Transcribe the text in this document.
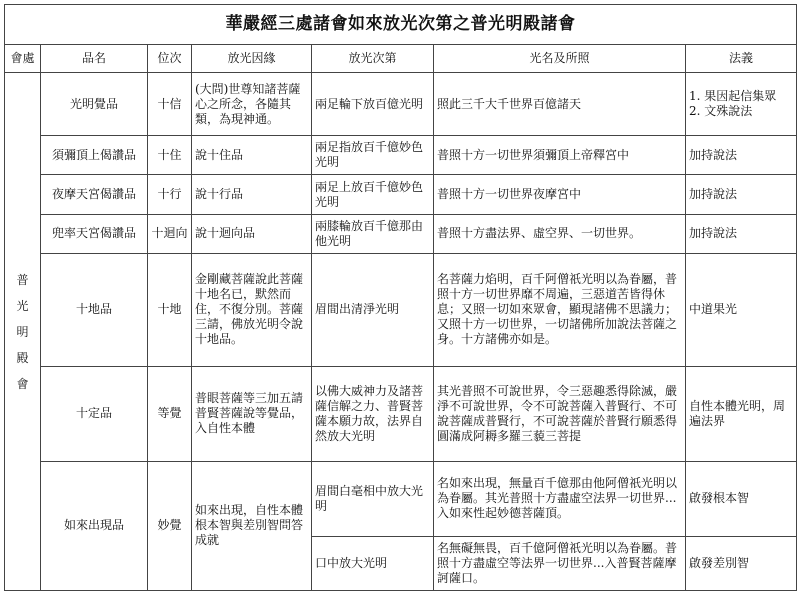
華嚴經三處諸會如來放光次第之普光明殿諸會						
會處	品名	位次	放光因緣	放光次第	光名及所照	法義

普
光
明
殿
會	光明覺品	十信	(大問)世尊知諸菩薩心之所念，各隨其類，為現神通。	兩足輪下放百億光明	照此三千大千世界百億諸天	1. 果因起信集眾
2. 文殊說法

	須彌頂上偈讚品	十住	說十住品	兩足指放百千億妙色光明	普照十方一切世界須彌頂上帝釋宮中	加持說法

	夜摩天宮偈讚品	十行	說十行品	兩足上放百千億妙色光明	普照十方一切世界夜摩宮中	加持說法

	兜率天宮偈讚品	十迴向	說十迴向品	兩膝輪放百千億那由他光明	普照十方盡法界、虛空界、一切世界。	加持說法

	十地品	十地	金剛藏菩薩說此菩薩十地名已，默然而住，不復分別。菩薩三請，佛放光明令說十地品。	眉間出清淨光明	名菩薩力焰明，百千阿僧祇光明以為眷屬，普照十方一切世界靡不周遍，三惡道苦皆得休息；又照一切如來眾會，顯現諸佛不思議力；又照十方一切世界，一切諸佛所加說法菩薩之身。十方諸佛亦如是。	中道果光

	十定品	等覺	普眼菩薩等三加五請普賢菩薩說等覺品，入自性本體	以佛大威神力及諸菩薩信解之力、普賢菩薩本願力故，法界自然放大光明	其光普照不可說世界，令三惡趣悉得除滅，嚴淨不可說世界，令不可說菩薩入普賢行、不可說菩薩成普賢行，不可說菩薩於普賢行願悉得圓滿成阿耨多羅三藐三菩提	自性本體光明，周遍法界

	如來出現品	妙覺	如來出現，自性本體根本智與差別智問答成就	眉間白毫相中放大光明	名如來出現，無量百千億那由他阿僧祇光明以為眷屬。其光普照十方盡虛空法界一切世界...入如來性起妙德菩薩頂。	啟發根本智

				口中放大光明	名無礙無畏，百千億阿僧祇光明以為眷屬。普照十方盡虛空等法界一切世界...入普賢菩薩摩訶薩口。	啟發差別智
